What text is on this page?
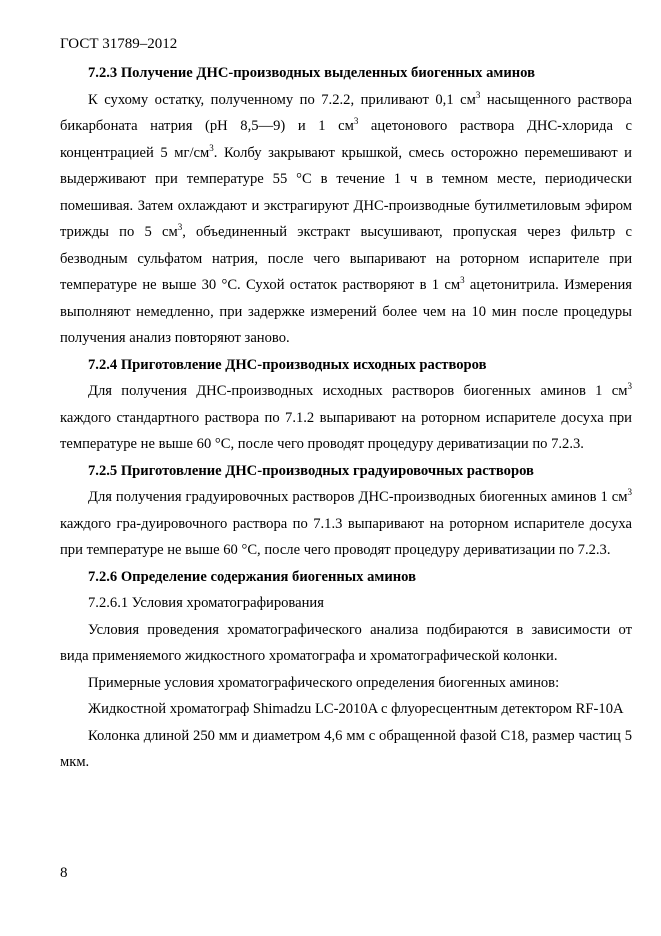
ГОСТ 31789–2012

7.2.3 Получение ДНС-производных выделенных биогенных аминов

К сухому остатку, полученному по 7.2.2, приливают 0,1 $см^3$ насыщенного раствора бикарбоната натрия (рН 8,5—9) и 1 $см^3$ ацетонового раствора ДНС-хлорида с концентрацией 5 $мг/см^3$. Колбу закрывают крышкой, смесь осторожно перемешивают и выдерживают при температуре 55 °С в течение 1 ч в темном месте, периодически помешивая. Затем охлаждают и экстрагируют ДНС-производные бутилметиловым эфиром трижды по 5 $см^3$, объединенный экстракт высушивают, пропуская через фильтр с безводным сульфатом натрия, после чего выпаривают на роторном испарителе при температуре не выше 30 °С. Сухой остаток растворяют в 1 $см^3$ ацетонитрила. Измерения выполняют немедленно, при задержке измерений более чем на 10 мин после процедуры получения анализ повторяют заново.

7.2.4 Приготовление ДНС-производных исходных растворов

Для получения ДНС-производных исходных растворов биогенных аминов 1 $см^3$ каждого стандартного раствора по 7.1.2 выпаривают на роторном испарителе досуха при температуре не выше 60 °С, после чего проводят процедуру дериватизации по 7.2.3.

7.2.5 Приготовление ДНС-производных градуировочных растворов

Для получения градуировочных растворов ДНС-производных биогенных аминов 1 $см^3$ каждого гра-дуировочного раствора по 7.1.3 выпаривают на роторном испарителе досуха при температуре не выше 60 °С, после чего проводят процедуру дериватизации по 7.2.3.

7.2.6 Определение содержания биогенных аминов

7.2.6.1 Условия хроматографирования

Условия проведения хроматографического анализа подбираются в зависимости от вида применяемого жидкостного хроматографа и хроматографической колонки.

Примерные условия хроматографического определения биогенных аминов:

Жидкостной хроматограф Shimadzu LC-2010A с флуоресцентным детектором RF-10A

Колонка длиной 250 мм и диаметром 4,6 мм с обращенной фазой С18, размер частиц 5 мкм.

8
